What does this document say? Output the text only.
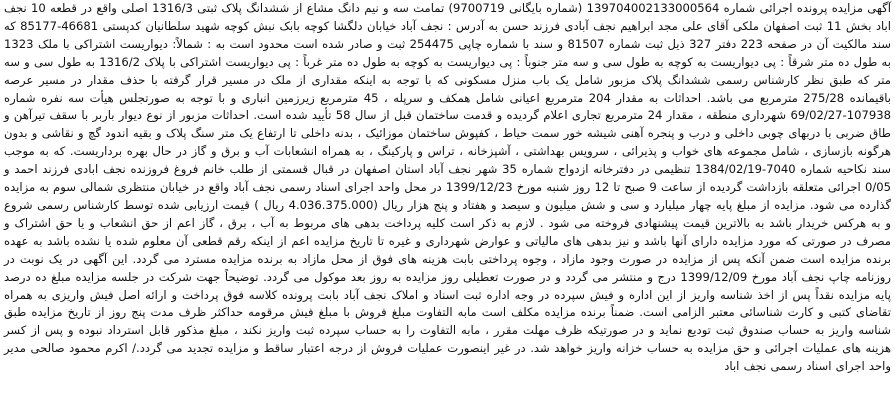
آگهی مزایده پرونده اجرائی شماره 139704002133000564 (شماره بایگانی 9700719) تمامت سه و نیم دانگ مشاع از ششدانگ پلاک ثبتی 1316/3 اصلی واقع در قطعه 10 نجف اباد بخش 11 ثبت اصفهان ملکی آقای علی مجد ابراهیم نجف آبادی فرزند حسن به آدرس : نجف آباد خیابان دلگشا کوچه بابک نبش کوچه شهید سلطانیان کدپستی 46681-85177 که سند مالکیت آن در صفحه 223 دفتر 327 ذیل ثبت شماره 81507 و سند با شماره چاپی 254475 ثبت و صادر شده است محدود است به : شمالاً: دیواریست اشتراکی با ملک 1323 به طول ده متر شرقاً : پی دیواریست به کوچه به طول سی و سه متر جنوباً : پی دیواریست به کوچه به طول ده متر غرباً : پی دیواریست اشتراکی با پلاک 1316/2 به طول سی و سه متر که طبق نظر کارشناس رسمی ششدانگ پلاک مزبور شامل یک باب منزل مسکونی که با توجه به اینکه مقداری از ملک در مسیر قرار گرفته با حذف مقدار در مسیر عرصه باقیمانده 275/28 مترمربع می باشد. احداثات به مقدار 204 مترمربع اعیانی شامل همکف و سرپله ، 45 مترمربع زیرزمین انباری و با توجه به صورتجلس هیأت سه نفره شماره 107938-69/02/27 شهرداری منطقه ، مقدار 24 مترمربع تجاری اعلام گردیده و قدمت ساختمان قبل از سال 58 تأیید شده است. احداثات مزبور از نوع دیوار باربر با سقف تیرآهن و طاق ضربی با دربهای چوبی داخلی و درب و پنجره آهنی شیشه خور سمت حیاط ، کفپوش ساختمان موزائیک ، بدنه داخلی تا ارتفاع یک متر سنگ پلاک و بقیه اندود گچ و نقاشی و بدون هرگونه بازسازی ، شامل مجموعه های خواب و پذیرائی ، سرویس بهداشتی ، آشپزخانه ، تراس و پارکینگ ، به همراه انشعابات آب و برق و گاز در حال بهره برداریست. که به موجب سند نکاحیه شماره 7040-1384/02/19 تنظیمی در دفترخانه ازدواج شماره 35 شهر نجف آباد استان اصفهان در قبال قسمتی از طلب خانم فروغ فروزنده نجف ابادی فرزند احمد و 0/05 اجرائی متعلقه بازداشت گردیده از ساعت 9 صبح تا 12 روز شنبه مورخ 1399/12/23 در محل واحد اجرای اسناد رسمی نجف آباد واقع در خیابان منتظری شمالی سوم به مزایده گذارده می شود. مزایده از مبلغ پایه چهار میلیارد و سی و شش میلیون و سیصد و هفتاد و پنج هزار ریال (4.036.375.000 ریال ) قیمت ارزیابی شده توسط کارشناس رسمی شروع و به هرکس خریدار باشد به بالاترین قیمت پیشنهادی فروخته می شود . لازم به ذکر است کلیه پرداخت بدهی های مربوط به آب ، برق ، گاز اعم از حق انشعاب و یا حق اشتراک و مصرف در صورتی که مورد مزایده دارای آنها باشد و نیز بدهی های مالیاتی و عوارض شهرداری و غیره تا تاریخ مزایده اعم از اینکه رقم قطعی آن معلوم شده یا نشده باشد به عهده برنده مزایده است ضمن آنکه پس از مزایده در صورت وجود مازاد ، وجوه پرداختی بابت هزینه های فوق از محل مازاد به برنده مزایده مسترد می گردد. این آگهی در یک نوبت در روزنامه چاپ نجف آباد مورخ 1399/12/09 درج و منتشر می گردد و در صورت تعطیلی روز مزایده به روز بعد موکول می گردد. توضیحاً جهت شرکت در جلسه مزایده مبلغ ده درصد پایه مزایده نقداً پس از اخذ شناسه واریز از این اداره و فیش سپرده در وجه اداره ثبت اسناد و املاک نجف آباد بابت پرونده کلاسه فوق پرداخت و ارائه اصل فیش واریزی به همراه تقاضای کتبی و کارت شناسائی معتبر الزامی است. ضمناً برنده مزایده مکلف است مابه التفاوت مبلغ فروش با مبلغ فیش مرقومه حداکثر ظرف مدت پنج روز از تاریخ مزایده طبق شناسه واریز به حساب صندوق ثبت تودیع نماید و در صورتیکه ظرف مهلت مقرر ، مابه التفاوت را به حساب سپرده ثبت واریز نکند ، مبلغ مذکور قابل استرداد نبوده و پس از کسر هزینه های عملیات اجرائی و حق مزایده به حساب خزانه واریز خواهد شد. در غیر اینصورت عملیات فروش از درجه اعتبار ساقط و مزایده تجدید می گردد./ اکرم محمود صالحی مدیر واحد اجرای اسناد رسمی نجف اباد
